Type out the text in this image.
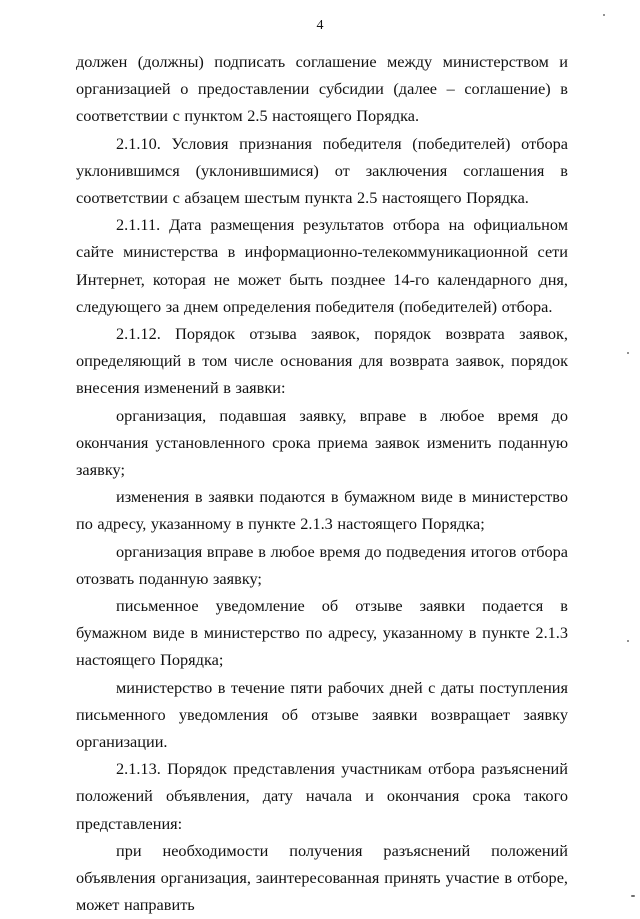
4

должен (должны) подписать соглашение между министерством и организацией о предоставлении субсидии (далее – соглашение) в соответствии с пунктом 2.5 настоящего Порядка.

2.1.10. Условия признания победителя (победителей) отбора уклонившимся (уклонившимися) от заключения соглашения в соответствии с абзацем шестым пункта 2.5 настоящего Порядка.

2.1.11. Дата размещения результатов отбора на официальном сайте министерства в информационно-телекоммуникационной сети Интернет, которая не может быть позднее 14-го календарного дня, следующего за днем определения победителя (победителей) отбора.

2.1.12. Порядок отзыва заявок, порядок возврата заявок, определяющий в том числе основания для возврата заявок, порядок внесения изменений в заявки:

организация, подавшая заявку, вправе в любое время до окончания установленного срока приема заявок изменить поданную заявку;

изменения в заявки подаются в бумажном виде в министерство по адресу, указанному в пункте 2.1.3 настоящего Порядка;

организация вправе в любое время до подведения итогов отбора отозвать поданную заявку;

письменное уведомление об отзыве заявки подается в бумажном виде в министерство по адресу, указанному в пункте 2.1.3 настоящего Порядка;

министерство в течение пяти рабочих дней с даты поступления письменного уведомления об отзыве заявки возвращает заявку организации.

2.1.13. Порядок представления участникам отбора разъяснений положений объявления, дату начала и окончания срока такого представления:

при необходимости получения разъяснений положений объявления организация, заинтересованная принять участие в отборе, может направить
